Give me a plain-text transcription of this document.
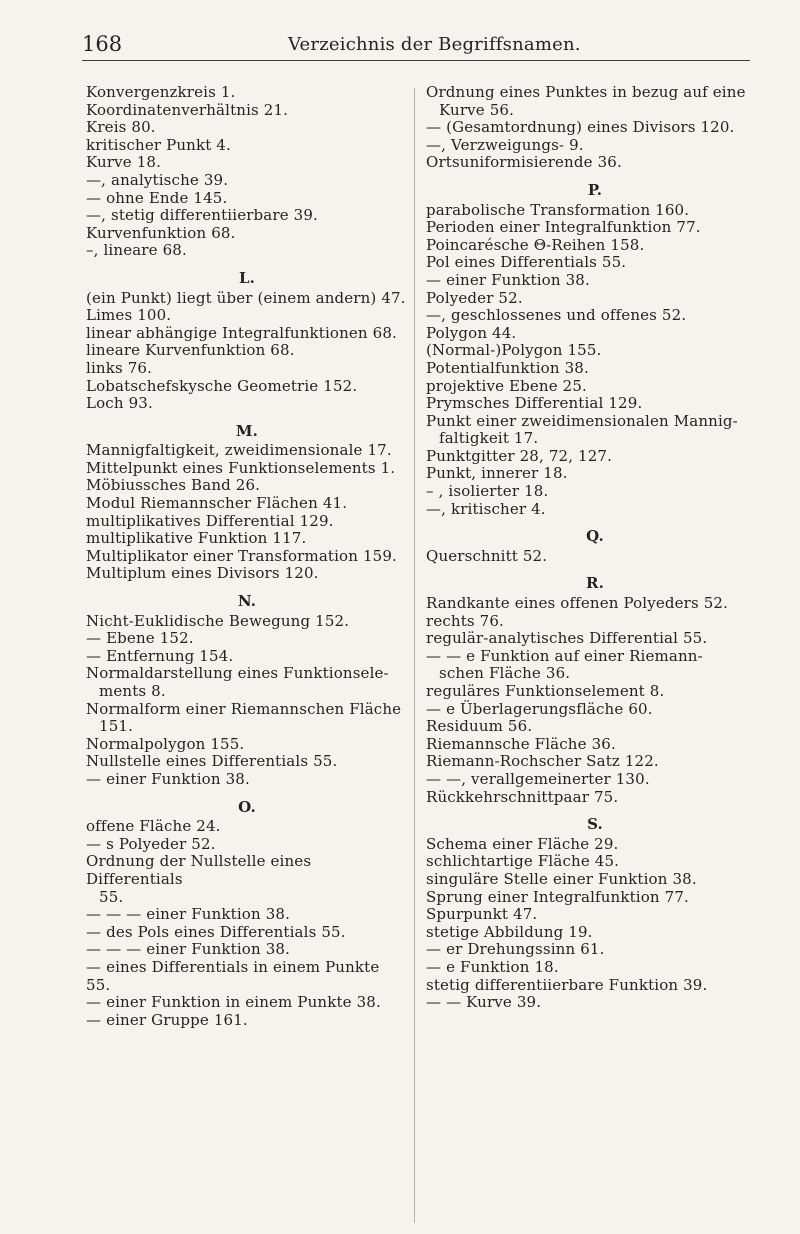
168	Verzeichnis der Begriffsnamen.
Konvergenzkreis 1.
Koordinatenverhältnis 21.
Kreis 80.
kritischer Punkt 4.
Kurve 18.
—, analytische 39.
— ohne Ende 145.
—, stetig differentiierbare 39.
Kurvenfunktion 68.
–, lineare 68.
L.
(ein Punkt) liegt über (einem andern) 47.
Limes 100.
linear abhängige Integralfunktionen 68.
lineare Kurvenfunktion 68.
links 76.
Lobatschefskysche Geometrie 152.
Loch 93.
M.
Mannigfaltigkeit, zweidimensionale 17.
Mittelpunkt eines Funktionselements 1.
Möbiussches Band 26.
Modul Riemannscher Flächen 41.
multiplikatives Differential 129.
multiplikative Funktion 117.
Multiplikator einer Transformation 159.
Multiplum eines Divisors 120.
N.
Nicht-Euklidische Bewegung 152.
— Ebene 152.
— Entfernung 154.
Normaldarstellung eines Funktionsele-
ments 8.
Normalform einer Riemannschen Fläche
151.
Normalpolygon 155.
Nullstelle eines Differentials 55.
— einer Funktion 38.
O.
offene Fläche 24.
— s Polyeder 52.
Ordnung der Nullstelle eines Differentials
55.
— — — einer Funktion 38.
— des Pols eines Differentials 55.
— — — einer Funktion 38.
— eines Differentials in einem Punkte 55.
— einer Funktion in einem Punkte 38.
— einer Gruppe 161.
Ordnung eines Punktes in bezug auf eine
Kurve 56.
— (Gesamtordnung) eines Divisors 120.
—, Verzweigungs- 9.
Ortsuniformisierende 36.
P.
parabolische Transformation 160.
Perioden einer Integralfunktion 77.
Poincarésche Θ-Reihen 158.
Pol eines Differentials 55.
— einer Funktion 38.
Polyeder 52.
—, geschlossenes und offenes 52.
Polygon 44.
(Normal-)Polygon 155.
Potentialfunktion 38.
projektive Ebene 25.
Prymsches Differential 129.
Punkt einer zweidimensionalen Mannig-
faltigkeit 17.
Punktgitter 28, 72, 127.
Punkt, innerer 18.
– , isolierter 18.
—, kritischer 4.
Q.
Querschnitt 52.
R.
Randkante eines offenen Polyeders 52.
rechts 76.
regulär-analytisches Differential 55.
— — e Funktion auf einer Riemann-
schen Fläche 36.
reguläres Funktionselement 8.
— e Überlagerungsfläche 60.
Residuum 56.
Riemannsche Fläche 36.
Riemann-Rochscher Satz 122.
— —, verallgemeinerter 130.
Rückkehrschnittpaar 75.
S.
Schema einer Fläche 29.
schlichtartige Fläche 45.
singuläre Stelle einer Funktion 38.
Sprung einer Integralfunktion 77.
Spurpunkt 47.
stetige Abbildung 19.
— er Drehungssinn 61.
— e Funktion 18.
stetig differentiierbare Funktion 39.
— — Kurve 39.
